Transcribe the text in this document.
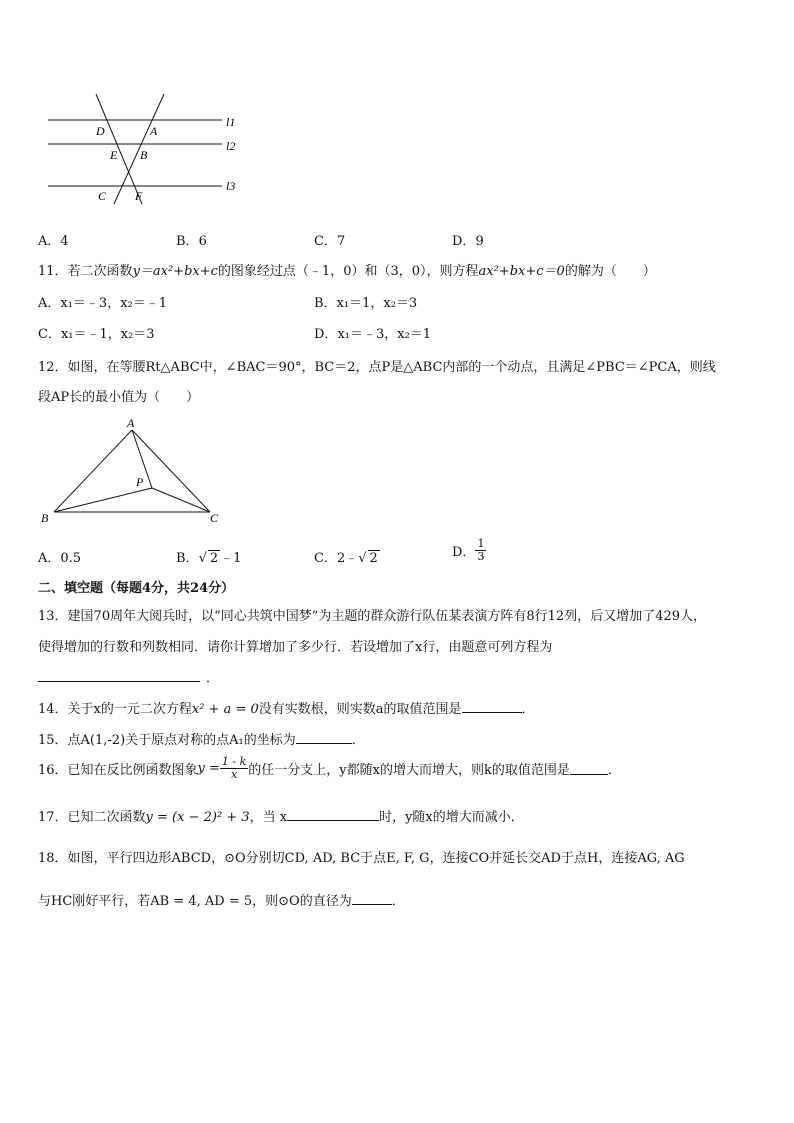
D	A
E B
C F
l1
l2
l3
A．4	B．6	C．7	D．9
11．若二次函数y＝ax²+bx+c的图象经过点（﹣1，0）和（3，0），则方程ax²+bx+c＝0的解为（　　）
A．x₁＝﹣3，x₂＝﹣1	B．x₁＝1，x₂＝3
C．x₁＝﹣1，x₂＝3	D．x₁＝﹣3，x₂＝1
12．如图，在等腰Rt△ABC中，∠BAC＝90°，BC＝2，点P是△ABC内部的一个动点，且满足∠PBC＝∠PCA，则线
段AP长的最小值为（　　）
A
P
B	C
A．0.5	B．√ 2 ﹣1	C．2﹣√ 2	D． $\frac{1}{3}$
二、填空题（每题4分，共24分）
13．建国70周年大阅兵时，以“同心共筑中国梦”为主题的群众游行队伍某表演方阵有8行12列，后又增加了429人，
使得增加的行数和列数相同．请你计算增加了多少行．若设增加了x行，由题意可列方程为
．
14．关于x的一元二次方程x² + a = 0没有实数根，则实数a的取值范围是	．
15．点A(1,-2)关于原点对称的点A₁的坐标为	．
16．已知在反比例函数图象$y = \frac{1 - k}{x}$ 的任一分支上，y都随x的增大而增大，则k的取值范围是	．
17．已知二次函数y = (x − 2)² + 3，当 x	时，y随x的增大而减小．
18．如图，平行四边形ABCD，⊙O分别切CD, AD, BC于点E, F, G，连接CO并延长交AD于点H，连接AG, AG
与HC刚好平行，若AB = 4, AD = 5，则⊙O的直径为	．
